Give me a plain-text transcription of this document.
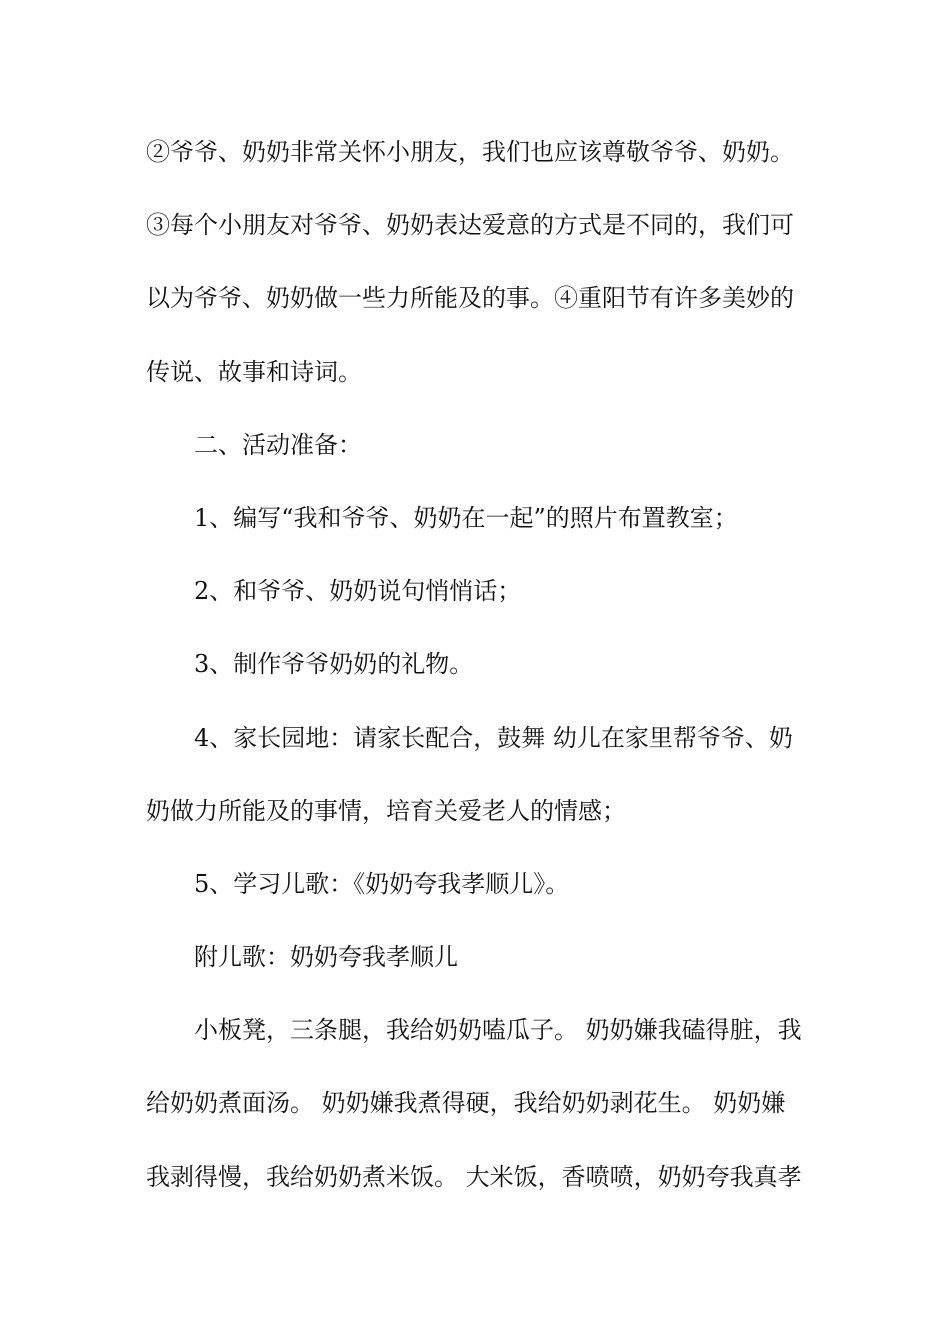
②爷爷、奶奶非常关怀小朋友，我们也应该尊敬爷爷、奶奶。
③每个小朋友对爷爷、奶奶表达爱意的方式是不同的，我们可
以为爷爷、奶奶做一些力所能及的事。④重阳节有许多美妙的
传说、故事和诗词。
二、活动准备：
1、编写“我和爷爷、奶奶在一起”的照片布置教室；
2、和爷爷、奶奶说句悄悄话；
3、制作爷爷奶奶的礼物。
4、家长园地：请家长配合，鼓舞 幼儿在家里帮爷爷、奶
奶做力所能及的事情，培育关爱老人的情感；
5、学习儿歌：《奶奶夸我孝顺儿》。
附儿歌：奶奶夸我孝顺儿
小板凳，三条腿，我给奶奶嗑瓜子。 奶奶嫌我磕得脏，我
给奶奶煮面汤。 奶奶嫌我煮得硬，我给奶奶剥花生。 奶奶嫌
我剥得慢，我给奶奶煮米饭。 大米饭，香喷喷，奶奶夸我真孝
